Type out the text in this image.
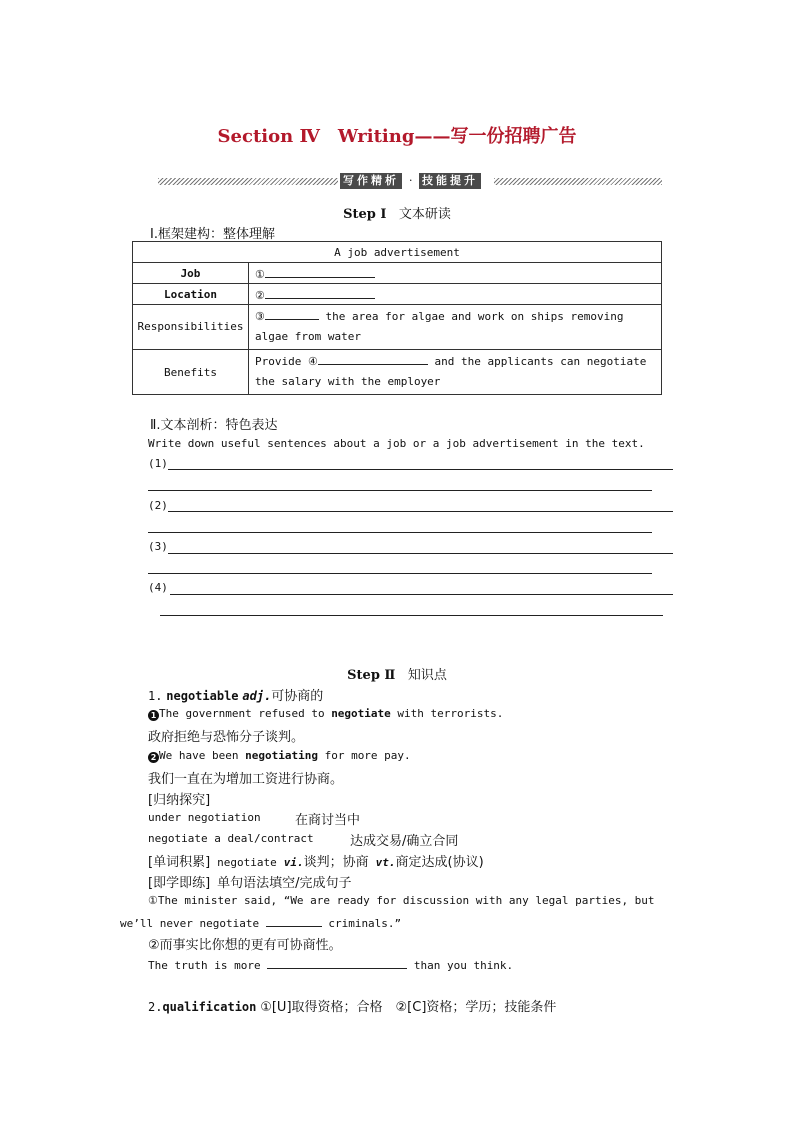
Section Ⅳ　Writing——写一份招聘广告
写作精析 · 技能提升
Step Ⅰ 文本研读
Ⅰ.框架建构：整体理解
A job advertisement	
Job	①
Location	②
Responsibilities	③ the area for algae and work on ships removing algae from water
Benefits	Provide ④ and the applicants can negotiate the salary with the employer
Ⅱ.文本剖析：特色表达
Write down useful sentences about a job or a job advertisement in the text.
(1)
(2)
(3)
(4)
Step Ⅱ 知识点
1. negotiable adj.可协商的
1 The government refused to negotiate with terrorists.
政府拒绝与恐怖分子谈判。
2 We have been negotiating for more pay.
我们一直在为增加工资进行协商。
[归纳探究]
under negotiation	在商讨当中
negotiate a deal/contract	达成交易/确立合同
[单词积累] negotiate vi.谈判；协商 vt.商定达成(协议)
[即学即练] 单句语法填空/完成句子
①The minister said, “We are ready for discussion with any legal parties, but
we’ll never negotiate	criminals.”
②而事实比你想的更有可协商性。
The truth is more	than you think.
2.qualification ①[U]取得资格；合格　②[C]资格；学历；技能条件
